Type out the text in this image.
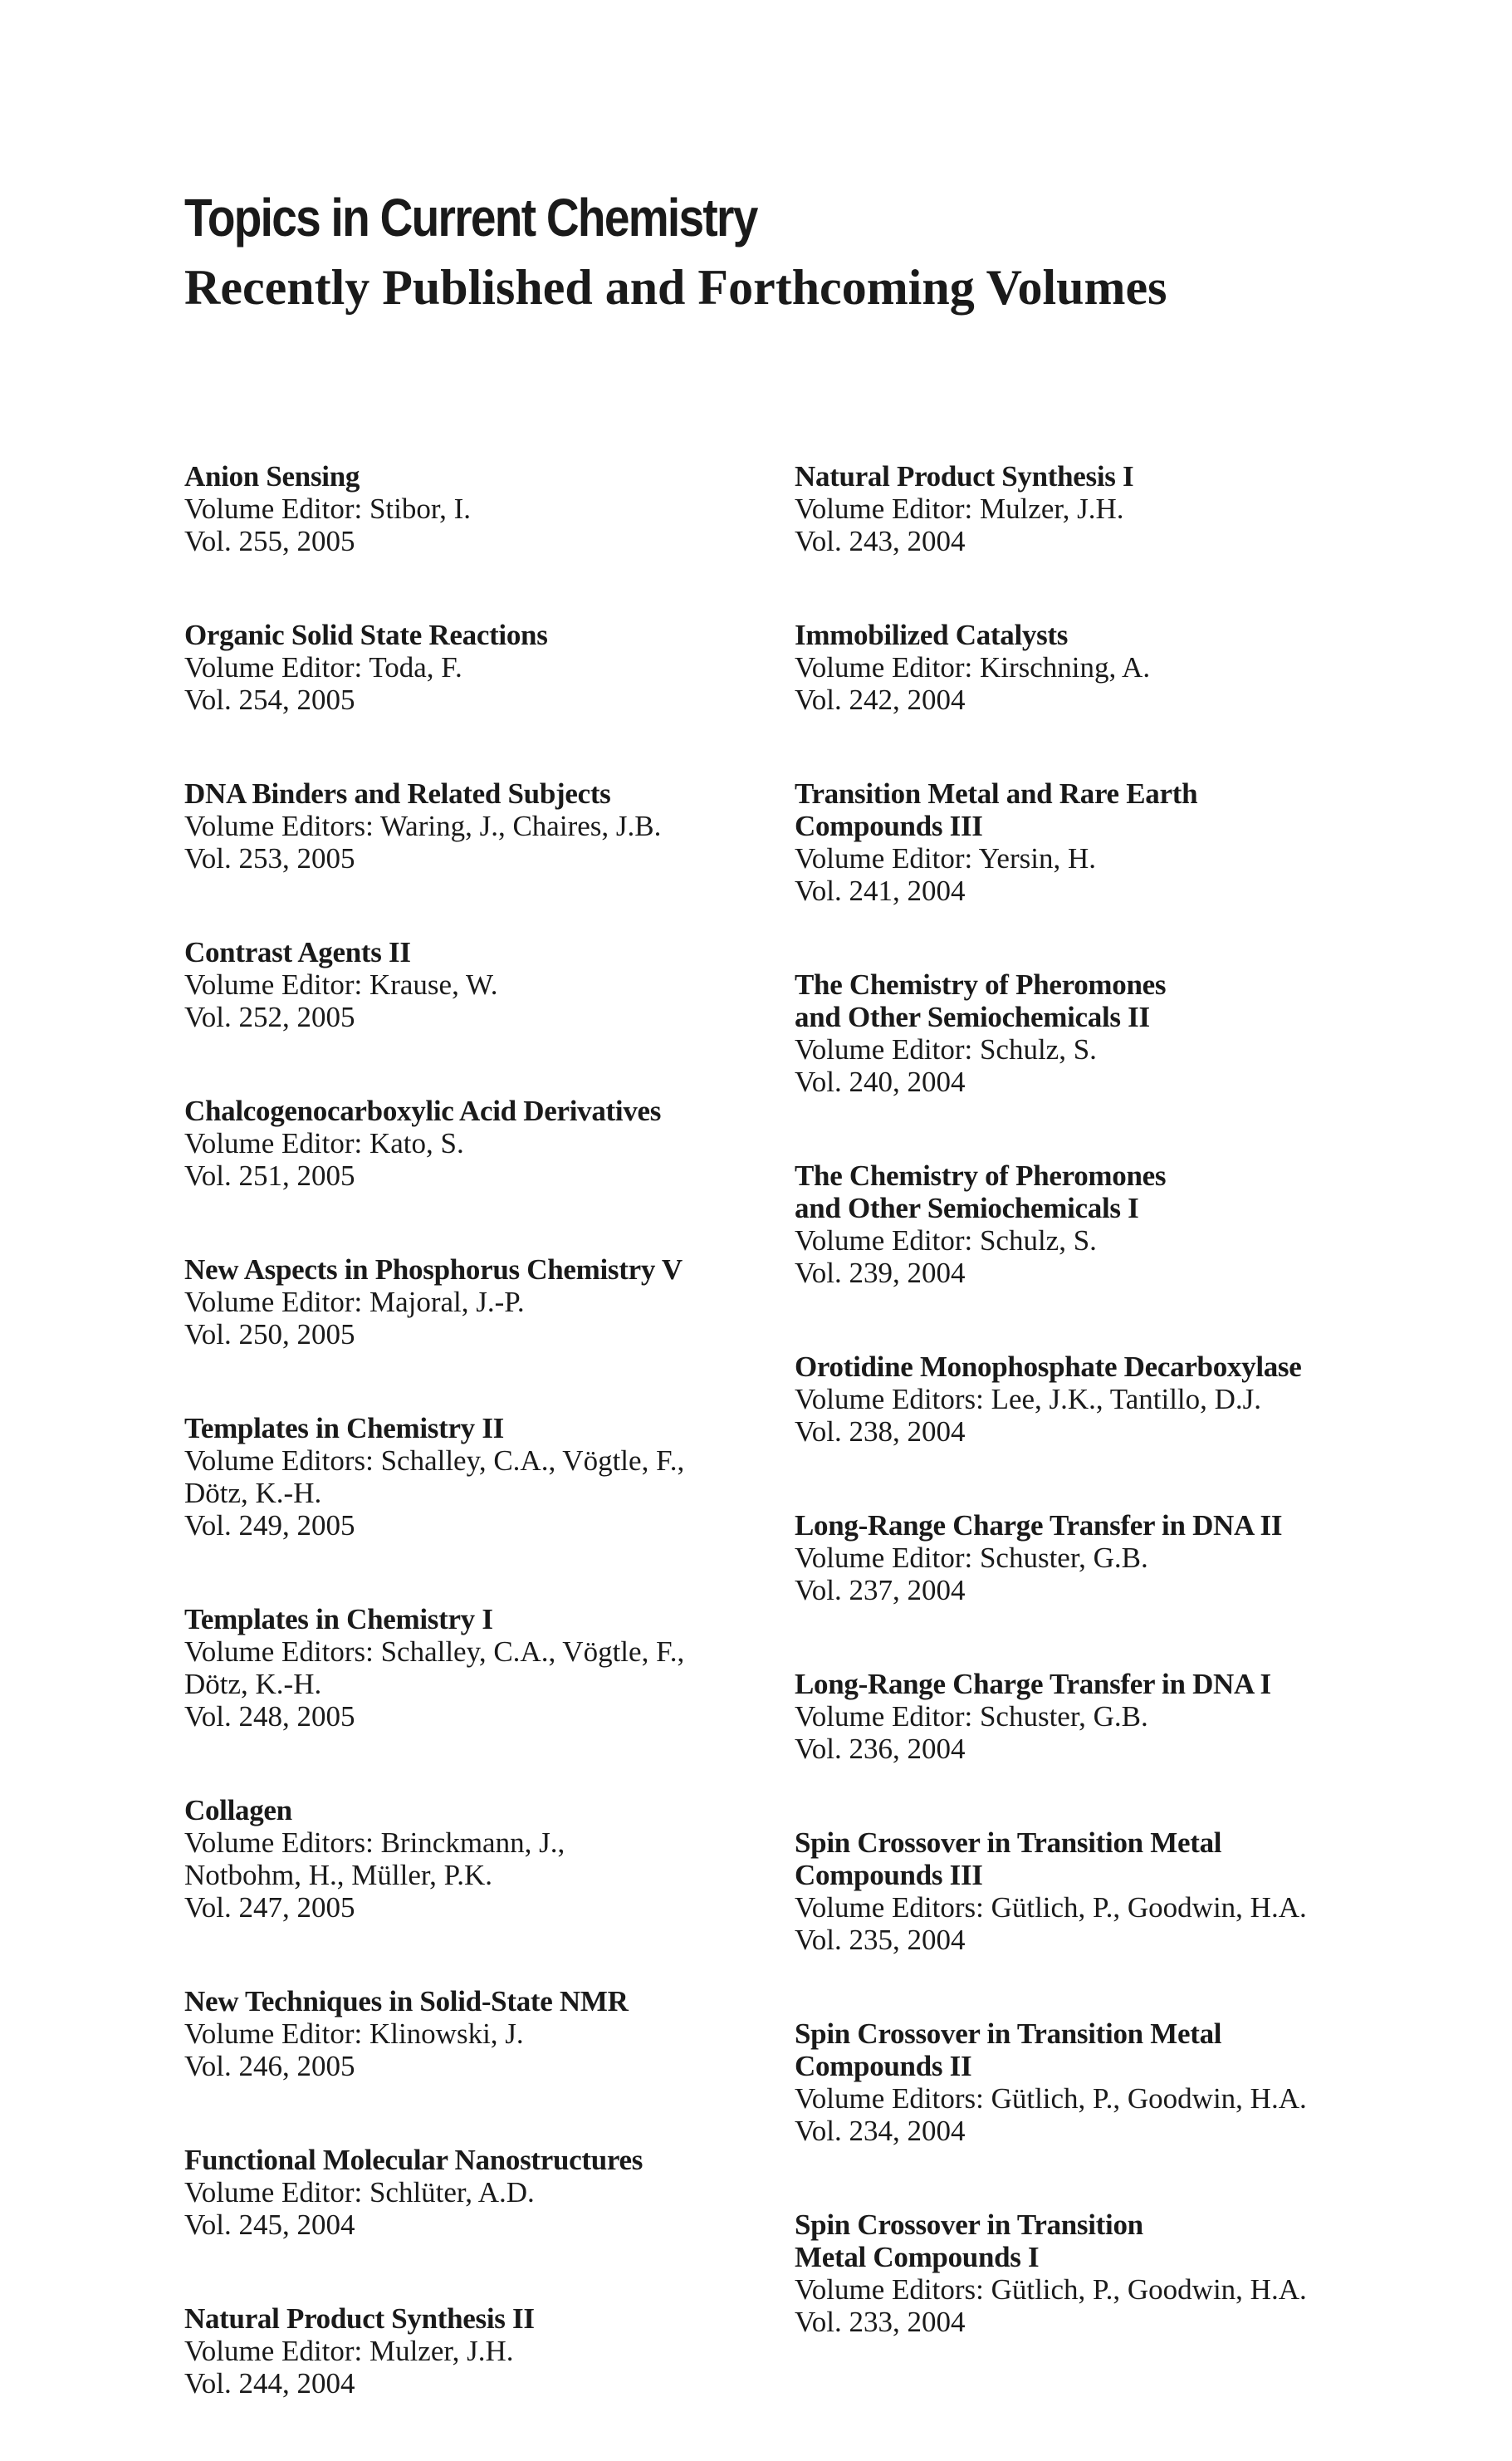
Topics in Current Chemistry
Recently Published and Forthcoming Volumes
Anion Sensing
Volume Editor: Stibor, I.
Vol. 255, 2005
Organic Solid State Reactions
Volume Editor: Toda, F.
Vol. 254, 2005
DNA Binders and Related Subjects
Volume Editors: Waring, J., Chaires, J.B.
Vol. 253, 2005
Contrast Agents II
Volume Editor: Krause, W.
Vol. 252, 2005
Chalcogenocarboxylic Acid Derivatives
Volume Editor: Kato, S.
Vol. 251, 2005
New Aspects in Phosphorus Chemistry V
Volume Editor: Majoral, J.-P.
Vol. 250, 2005
Templates in Chemistry II
Volume Editors: Schalley, C.A., Vögtle, F.,
Dötz, K.-H.
Vol. 249, 2005
Templates in Chemistry I
Volume Editors: Schalley, C.A., Vögtle, F.,
Dötz, K.-H.
Vol. 248, 2005
Collagen
Volume Editors: Brinckmann, J.,
Notbohm, H., Müller, P.K.
Vol. 247, 2005
New Techniques in Solid-State NMR
Volume Editor: Klinowski, J.
Vol. 246, 2005
Functional Molecular Nanostructures
Volume Editor: Schlüter, A.D.
Vol. 245, 2004
Natural Product Synthesis II
Volume Editor: Mulzer, J.H.
Vol. 244, 2004
Natural Product Synthesis I
Volume Editor: Mulzer, J.H.
Vol. 243, 2004
Immobilized Catalysts
Volume Editor: Kirschning, A.
Vol. 242, 2004
Transition Metal and Rare Earth
Compounds III
Volume Editor: Yersin, H.
Vol. 241, 2004
The Chemistry of Pheromones
and Other Semiochemicals II
Volume Editor: Schulz, S.
Vol. 240, 2004
The Chemistry of Pheromones
and Other Semiochemicals I
Volume Editor: Schulz, S.
Vol. 239, 2004
Orotidine Monophosphate Decarboxylase
Volume Editors: Lee, J.K., Tantillo, D.J.
Vol. 238, 2004
Long-Range Charge Transfer in DNA II
Volume Editor: Schuster, G.B.
Vol. 237, 2004
Long-Range Charge Transfer in DNA I
Volume Editor: Schuster, G.B.
Vol. 236, 2004
Spin Crossover in Transition Metal
Compounds III
Volume Editors: Gütlich, P., Goodwin, H.A.
Vol. 235, 2004
Spin Crossover in Transition Metal
Compounds II
Volume Editors: Gütlich, P., Goodwin, H.A.
Vol. 234, 2004
Spin Crossover in Transition
Metal Compounds I
Volume Editors: Gütlich, P., Goodwin, H.A.
Vol. 233, 2004
